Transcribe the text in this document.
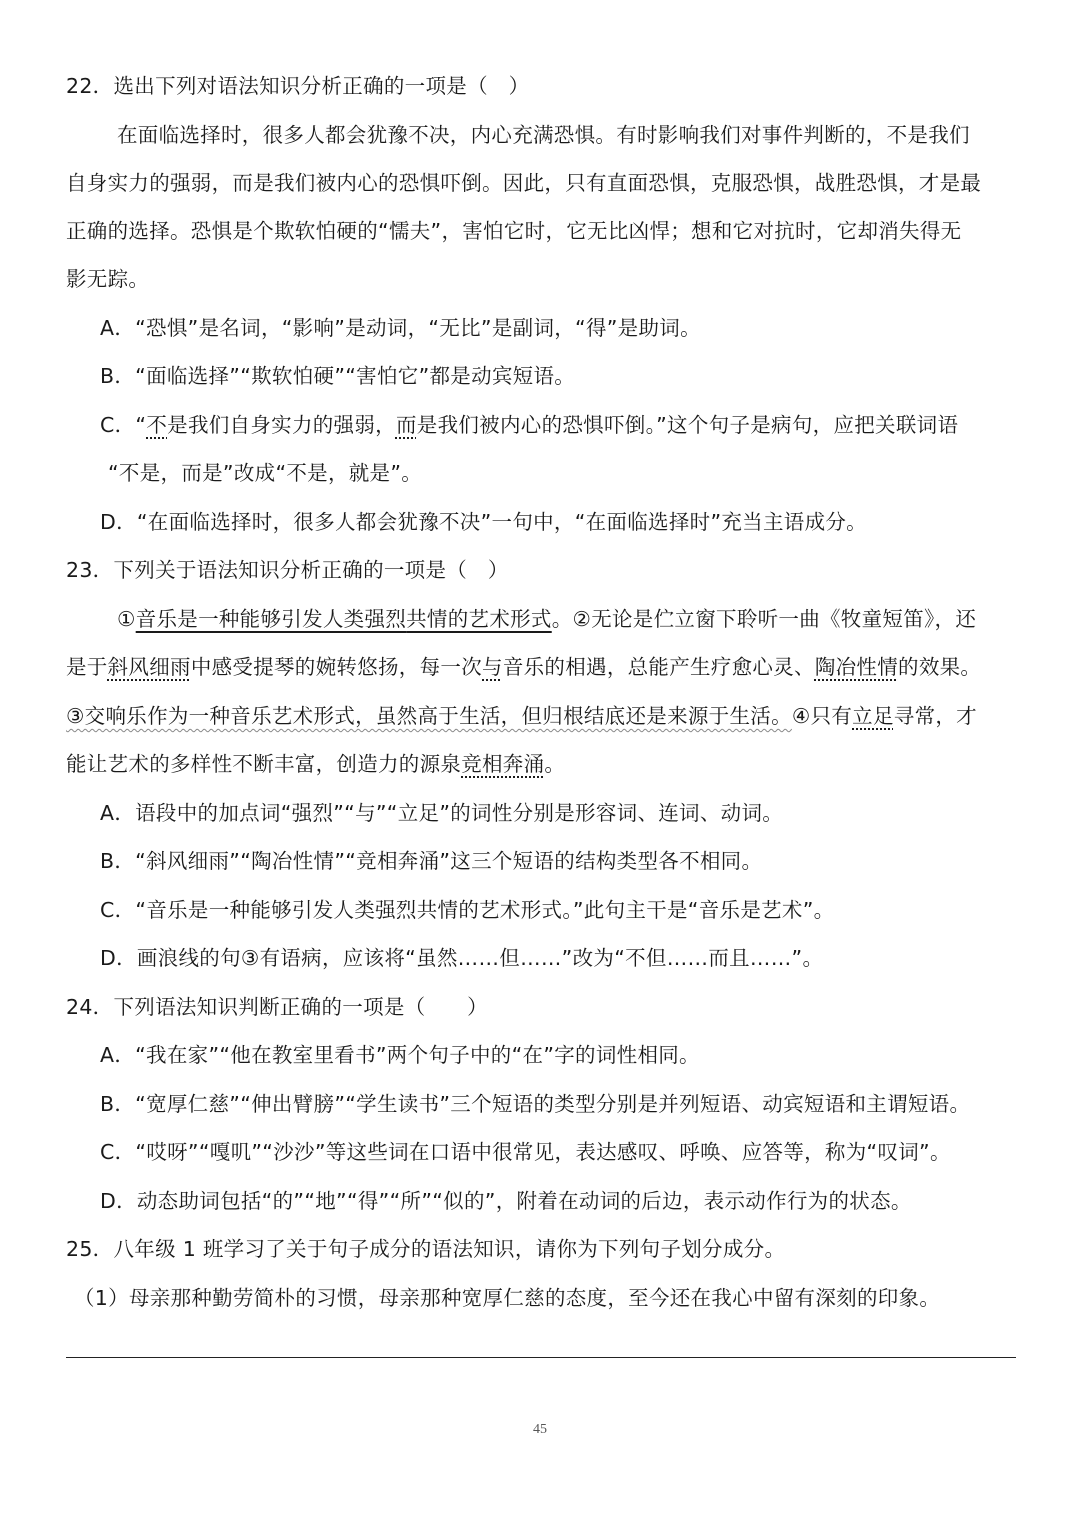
22．选出下列对语法知识分析正确的一项是（　）
在面临选择时，很多人都会犹豫不决，内心充满恐惧。有时影响我们对事件判断的，不是我们
自身实力的强弱，而是我们被内心的恐惧吓倒。因此，只有直面恐惧，克服恐惧，战胜恐惧，才是最
正确的选择。恐惧是个欺软怕硬的“懦夫”，害怕它时，它无比凶悍；想和它对抗时，它却消失得无
影无踪。
A．“恐惧”是名词，“影响”是动词，“无比”是副词，“得”是助词。
B．“面临选择”“欺软怕硬”“害怕它”都是动宾短语。
C．“不是我们自身实力的强弱，而是我们被内心的恐惧吓倒。”这个句子是病句，应把关联词语
“不是，而是”改成“不是，就是”。
D．“在面临选择时，很多人都会犹豫不决”一句中，“在面临选择时”充当主语成分。
23．下列关于语法知识分析正确的一项是（　）
①音乐是一种能够引发人类强烈共情的艺术形式。②无论是伫立窗下聆听一曲《牧童短笛》，还
是于斜风细雨中感受提琴的婉转悠扬，每一次与音乐的相遇，总能产生疗愈心灵、陶冶性情的效果。
③交响乐作为一种音乐艺术形式，虽然高于生活，但归根结底还是来源于生活。④只有立足寻常，才
能让艺术的多样性不断丰富，创造力的源泉竞相奔涌。
A．语段中的加点词“强烈”“与”“立足”的词性分别是形容词、连词、动词。
B．“斜风细雨”“陶冶性情”“竞相奔涌”这三个短语的结构类型各不相同。
C．“音乐是一种能够引发人类强烈共情的艺术形式。”此句主干是“音乐是艺术”。
D．画浪线的句③有语病，应该将“虽然……但……”改为“不但……而且……”。
24．下列语法知识判断正确的一项是（　　）
A．“我在家”“他在教室里看书”两个句子中的“在”字的词性相同。
B．“宽厚仁慈”“伸出臂膀”“学生读书”三个短语的类型分别是并列短语、动宾短语和主谓短语。
C．“哎呀”“嘎叽”“沙沙”等这些词在口语中很常见，表达感叹、呼唤、应答等，称为“叹词”。
D．动态助词包括“的”“地”“得”“所”“似的”，附着在动词的后边，表示动作行为的状态。
25．八年级 1 班学习了关于句子成分的语法知识，请你为下列句子划分成分。
（1）母亲那种勤劳简朴的习惯，母亲那种宽厚仁慈的态度，至今还在我心中留有深刻的印象。
45
